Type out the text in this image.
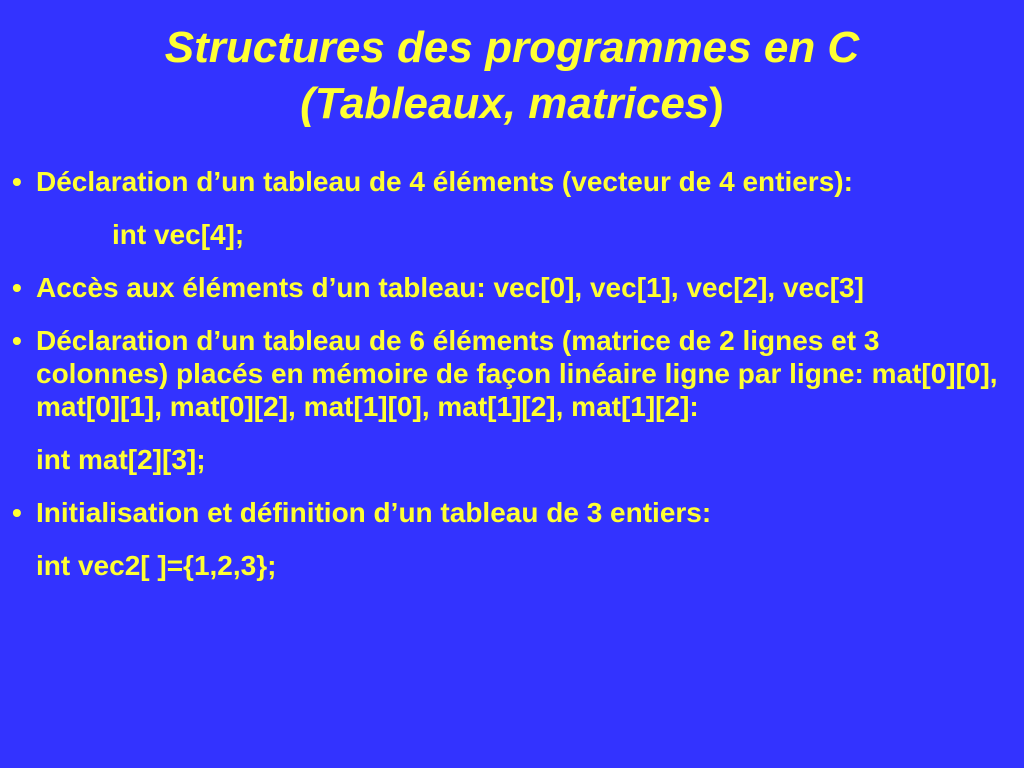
Structures des programmes en C
(Tableaux, matrices)
• Déclaration d’un tableau de 4 éléments (vecteur de 4 entiers):
int vec[4];
• Accès aux éléments d’un tableau: vec[0], vec[1], vec[2], vec[3]
• Déclaration d’un tableau de 6 éléments (matrice de 2 lignes et 3 colonnes) placés en mémoire de façon linéaire ligne par ligne: mat[0][0], mat[0][1], mat[0][2], mat[1][0], mat[1][2], mat[1][2]:
int mat[2][3];
• Initialisation et définition d’un tableau de 3 entiers:
int vec2[ ]={1,2,3};
